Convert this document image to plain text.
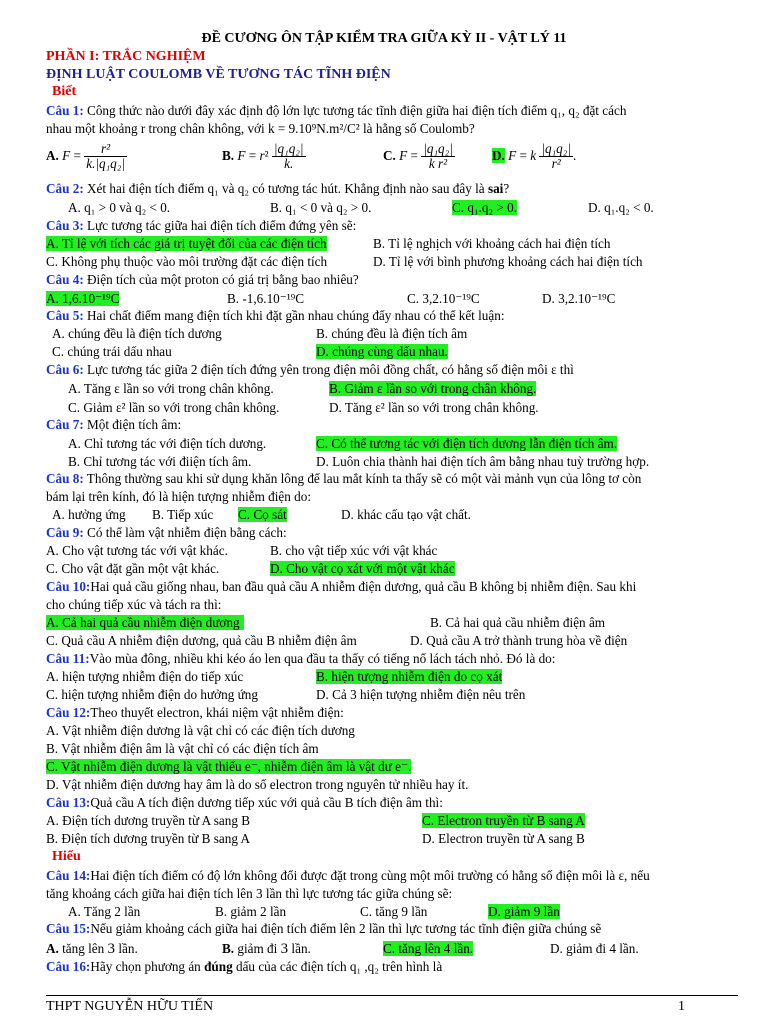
ĐỀ CƯƠNG ÔN TẬP KIỂM TRA GIỮA KỲ II - VẬT LÝ 11
PHẦN I: TRẮC NGHIỆM
ĐỊNH LUẬT COULOMB VỀ TƯƠNG TÁC TĨNH ĐIỆN
Biết
Câu 1: Công thức nào dưới đây xác định độ lớn lực tương tác tĩnh điện giữa hai điện tích điểm q₁, q₂ đặt cách
nhau một khoảng r trong chân không, với k = 9.10⁹N.m²/C² là hằng số Coulomb?
A. $F = \frac{\text{r²}}{\text{k.|q₁q₂|}}$	B. $F = r^2 \frac{\text{|q₁q₂|}}{k.}$	C. $F = \frac{\text{|q₁q₂|}}{\text{k r²}}$	D. F = k $\frac{\text{|q₁q₂|}}{\text{r²}}$ .
Câu 2: Xét hai điện tích điểm q₁ và q₂ có tương tác hút. Khẳng định nào sau đây là sai?
A. q₁ > 0 và q₂ < 0.	B. q₁ < 0 và q₂ > 0.	C. q₁.q₂ > 0.	D. q₁.q₂ < 0.
Câu 3: Lực tương tác giữa hai điện tích điểm đứng yên sẽ:
A. Tỉ lệ với tích các giá trị tuyệt đối của các điện tích	B. Tỉ lệ nghịch với khoảng cách hai điện tích
C. Không phụ thuộc vào môi trường đặt các điện tích	D. Tỉ lệ với bình phương khoảng cách hai điện tích
Câu 4: Điện tích của một proton có giá trị bằng bao nhiêu?
A. 1,6.10⁻¹⁹C	B. -1,6.10⁻¹⁹C	C. 3,2.10⁻¹⁹C	D. 3,2.10⁻¹⁹C
Câu 5: Hai chất điểm mang điện tích khi đặt gần nhau chúng đẩy nhau có thể kết luận:
A. chúng đều là điện tích dương	B. chúng đều là điện tích âm
C. chúng trái dấu nhau	D. chúng cùng dấu nhau.
Câu 6: Lực tương tác giữa 2 điện tích đứng yên trong điện môi đồng chất, có hằng số điện môi ε thì
A. Tăng ε lần so với trong chân không.	B. Giảm ε lần so với trong chân không.
C. Giảm ε² lần so với trong chân không.	D. Tăng ε² lần so với trong chân không.
Câu 7: Một điện tích âm:
A. Chỉ tương tác với điện tích dương.	C. Có thể tương tác với điện tích dương lẫn điện tích âm.
B. Chỉ tương tác với điiện tích âm.	D. Luôn chia thành hai điện tích âm bằng nhau tuỳ trường hợp.
Câu 8: Thông thường sau khi sử dụng khăn lông để lau mắt kính ta thấy sẽ có một vài mảnh vụn của lông tơ còn
bám lại trên kính, đó là hiện tượng nhiễm điện do:
A. hưởng ứng B. Tiếp xúc C. Cọ sát	D. khác cấu tạo vật chất.
Câu 9: Có thể làm vật nhiễm điện bằng cách:
A. Cho vật tương tác với vật khác.	B. cho vật tiếp xúc với vật khác
C. Cho vật đặt gần một vật khác.	D. Cho vật cọ xát với một vật khác
Câu 10:Hai quả cầu giống nhau, ban đầu quả cầu A nhiễm điện dương, quả cầu B không bị nhiễm điện. Sau khi
cho chúng tiếp xúc và tách ra thì:
A. Cả hai quả cầu nhiễm điện dương	B. Cả hai quả cầu nhiễm điện âm
C. Quả cầu A nhiễm điện dương, quả cầu B nhiễm điện âm	D. Quả cầu A trở thành trung hòa về điện
Câu 11:Vào mùa đông, nhiều khi kéo áo len qua đầu ta thấy có tiếng nổ lách tách nhỏ. Đó là do:
A. hiện tượng nhiễm điện do tiếp xúc	B. hiện tượng nhiễm điện do cọ xát
C. hiện tượng nhiễm điện do hưởng ứng	D. Cả 3 hiện tượng nhiễm điện nêu trên
Câu 12:Theo thuyết electron, khái niệm vật nhiễm điện:
A. Vật nhiễm điện dương là vật chỉ có các điện tích dương
B. Vật nhiễm điện âm là vật chỉ có các điện tích âm
C. Vật nhiễm điện dương là vật thiếu e⁻, nhiễm điện âm là vật dư e⁻.
D. Vật nhiễm điện dương hay âm là do số electron trong nguyên tử nhiều hay ít.
Câu 13:Quả cầu A tích điện dương tiếp xúc với quả cầu B tích điện âm thì:
A. Điện tích dương truyền từ A sang B	C. Electron truyền từ B sang A
B. Điện tích dương truyền từ B sang A	D. Electron truyền từ A sang B
Hiểu
Câu 14:Hai điện tích điểm có độ lớn không đổi được đặt trong cùng một môi trường có hằng số điện môi là ε, nếu
tăng khoảng cách giữa hai điện tích lên 3 lần thì lực tương tác giữa chúng sẽ:
A. Tăng 2 lần	B. giảm 2 lần	C. tăng 9 lần	D. giảm 9 lần
Câu 15:Nếu giảm khoảng cách giữa hai điện tích điểm lên 2 lần thì lực tương tác tĩnh điện giữa chúng sẽ
A. tăng lên 3 lần.	B. giảm đi 3 lần.	C. tăng lên 4 lần.	D. giảm đi 4 lần.
Câu 16:Hãy chọn phương án đúng dấu của các điện tích q₁ ,q₂ trên hình là
THPT NGUYỄN HỮU TIẾN	1
